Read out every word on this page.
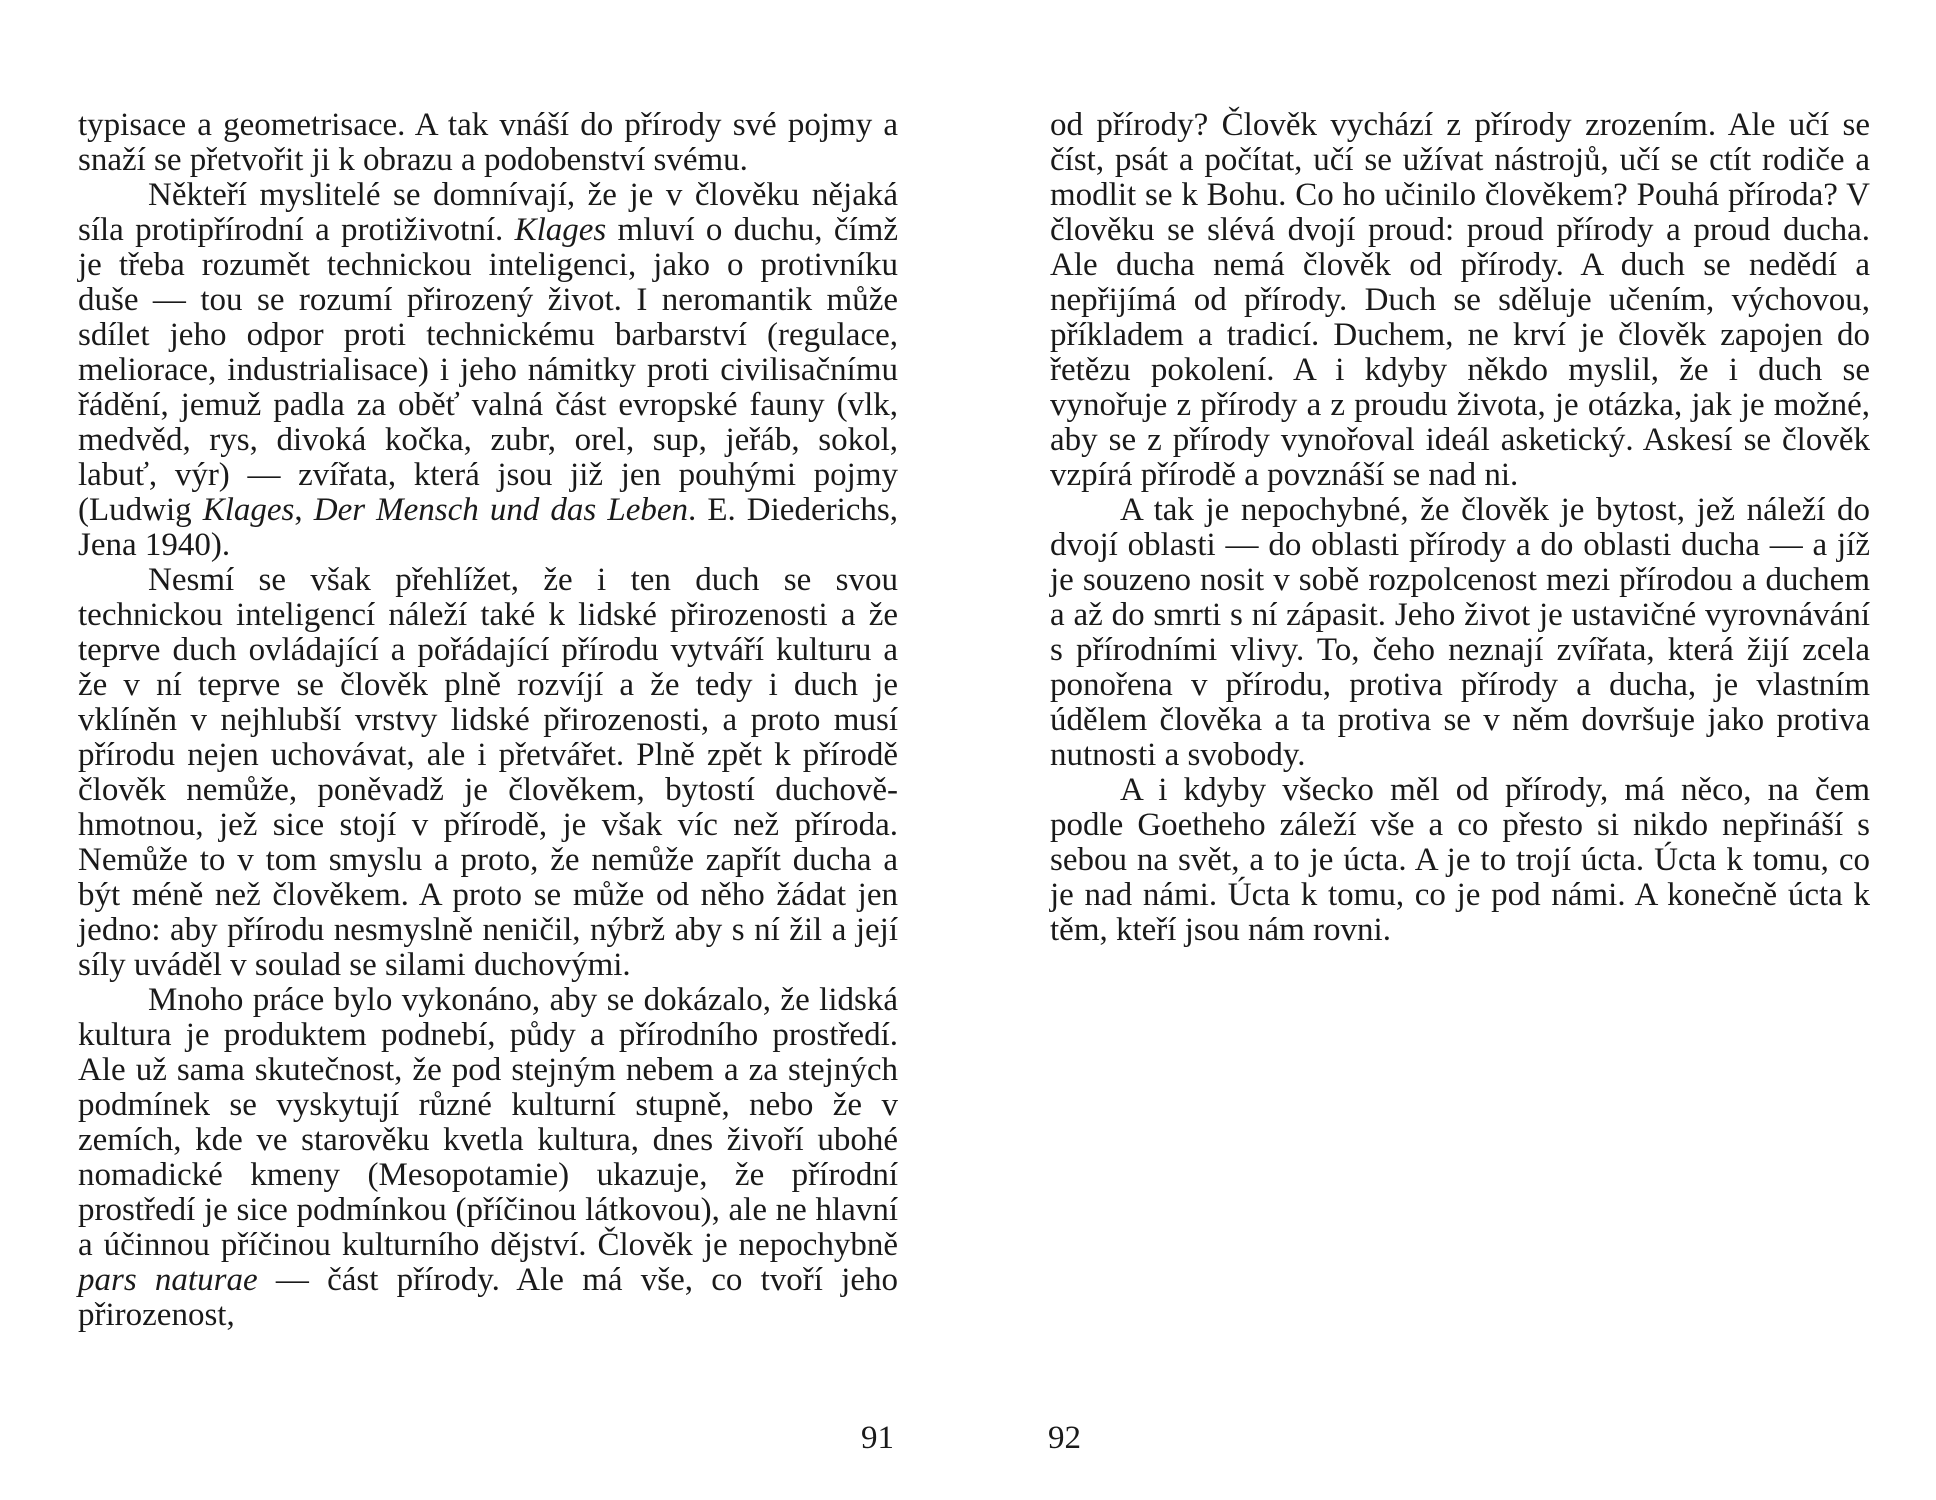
typisace a geometrisace. A tak vnáší do přírody své pojmy a snaží se přetvořit ji k obrazu a podobenství svému.

Někteří myslitelé se domnívají, že je v člověku nějaká síla protipřírodní a protiživotní. Klages mluví o duchu, čímž je třeba rozumět technickou inteligenci, jako o protivníku duše — tou se rozumí přirozený život. I neromantik může sdílet jeho odpor proti technickému barbarství (regulace, meliorace, industrialisace) i jeho námitky proti civilisačnímu řádění, jemuž padla za oběť valná část evropské fauny (vlk, medvěd, rys, divoká kočka, zubr, orel, sup, jeřáb, sokol, labuť, výr) — zvířata, která jsou již jen pouhými pojmy (Ludwig Klages, Der Mensch und das Leben. E. Diederichs, Jena 1940).

Nesmí se však přehlížet, že i ten duch se svou technickou inteligencí náleží také k lidské přirozenosti a že teprve duch ovládající a pořádající přírodu vytváří kulturu a že v ní teprve se člověk plně rozvíjí a že tedy i duch je vklíněn v nejhlubší vrstvy lidské přirozenosti, a proto musí přírodu nejen uchovávat, ale i přetvářet. Plně zpět k přírodě člověk nemůže, poněvadž je člověkem, bytostí duchově-hmotnou, jež sice stojí v přírodě, je však víc než příroda. Nemůže to v tom smyslu a proto, že nemůže zapřít ducha a být méně než člověkem. A proto se může od něho žádat jen jedno: aby přírodu nesmyslně neničil, nýbrž aby s ní žil a její síly uváděl v soulad se silami duchovými.

Mnoho práce bylo vykonáno, aby se dokázalo, že lidská kultura je produktem podnebí, půdy a přírodního prostředí. Ale už sama skutečnost, že pod stejným nebem a za stejných podmínek se vyskytují různé kulturní stupně, nebo že v zemích, kde ve starověku kvetla kultura, dnes živoří ubohé nomadické kmeny (Mesopotamie) ukazuje, že přírodní prostředí je sice podmínkou (příčinou látkovou), ale ne hlavní a účinnou příčinou kulturního dějství. Člověk je nepochybně pars naturae — část přírody. Ale má vše, co tvoří jeho přirozenost,

od přírody? Člověk vychází z přírody zrozením. Ale učí se číst, psát a počítat, učí se užívat nástrojů, učí se ctít rodiče a modlit se k Bohu. Co ho učinilo člověkem? Pouhá příroda? V člověku se slévá dvojí proud: proud přírody a proud ducha. Ale ducha nemá člověk od přírody. A duch se nedědí a nepřijímá od přírody. Duch se sděluje učením, výchovou, příkladem a tradicí. Duchem, ne krví je člověk zapojen do řetězu pokolení. A i kdyby někdo myslil, že i duch se vynořuje z přírody a z proudu života, je otázka, jak je možné, aby se z přírody vynořoval ideál asketický. Askesí se člověk vzpírá přírodě a povznáší se nad ni.

A tak je nepochybné, že člověk je bytost, jež náleží do dvojí oblasti — do oblasti přírody a do oblasti ducha — a jíž je souzeno nosit v sobě rozpolcenost mezi přírodou a duchem a až do smrti s ní zápasit. Jeho život je ustavičné vyrovnávání s přírodními vlivy. To, čeho neznají zvířata, která žijí zcela ponořena v přírodu, protiva přírody a ducha, je vlastním údělem člověka a ta protiva se v něm dovršuje jako protiva nutnosti a svobody.

A i kdyby všecko měl od přírody, má něco, na čem podle Goetheho záleží vše a co přesto si nikdo nepřináší s sebou na svět, a to je úcta. A je to trojí úcta. Úcta k tomu, co je nad námi. Úcta k tomu, co je pod námi. A konečně úcta k těm, kteří jsou nám rovni.

91	92
